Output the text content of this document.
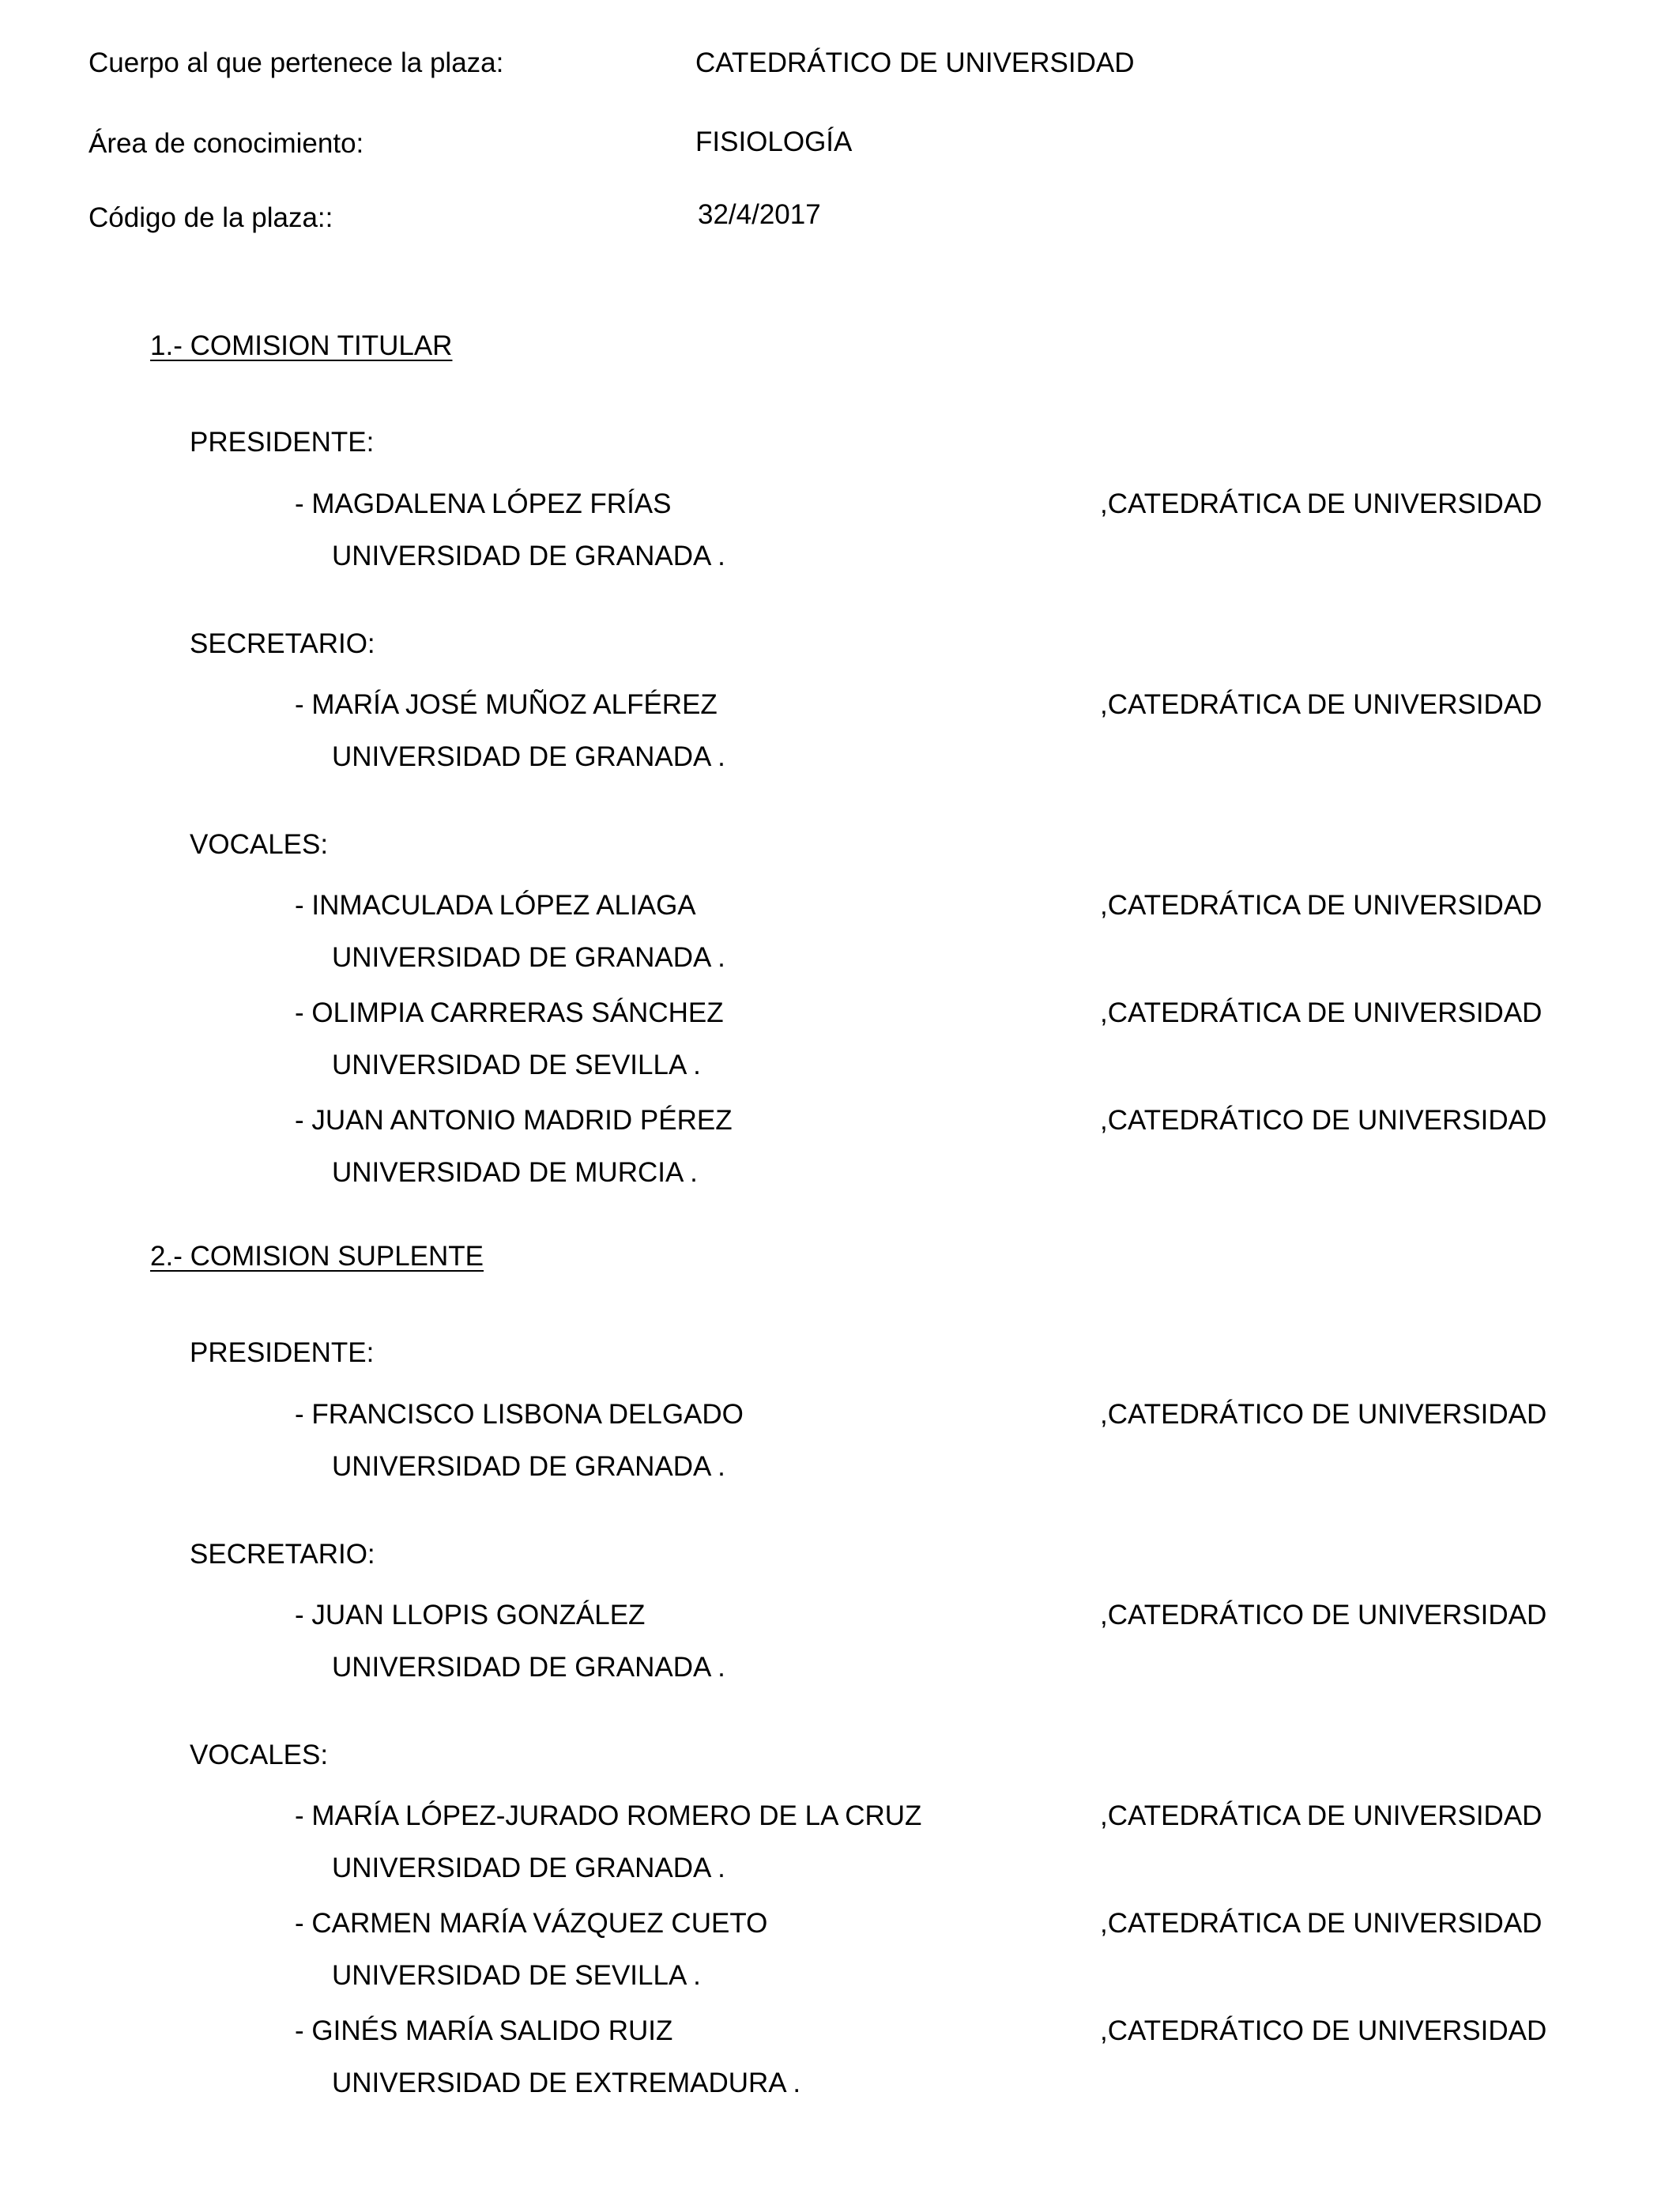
Cuerpo al que pertenece la plaza:	CATEDRÁTICO DE UNIVERSIDAD
Área de conocimiento:	FISIOLOGÍA
Código de la plaza::	32/4/2017
1.- COMISION TITULAR
PRESIDENTE:
- MAGDALENA LÓPEZ FRÍAS	,CATEDRÁTICA DE UNIVERSIDAD
UNIVERSIDAD DE GRANADA .
SECRETARIO:
- MARÍA JOSÉ MUÑOZ ALFÉREZ	,CATEDRÁTICA DE UNIVERSIDAD
UNIVERSIDAD DE GRANADA .
VOCALES:
- INMACULADA LÓPEZ ALIAGA	,CATEDRÁTICA DE UNIVERSIDAD
UNIVERSIDAD DE GRANADA .
- OLIMPIA CARRERAS SÁNCHEZ	,CATEDRÁTICA DE UNIVERSIDAD
UNIVERSIDAD DE SEVILLA .
- JUAN ANTONIO MADRID PÉREZ	,CATEDRÁTICO DE UNIVERSIDAD
UNIVERSIDAD DE MURCIA .
2.- COMISION SUPLENTE
PRESIDENTE:
- FRANCISCO LISBONA DELGADO	,CATEDRÁTICO DE UNIVERSIDAD
UNIVERSIDAD DE GRANADA .
SECRETARIO:
- JUAN LLOPIS GONZÁLEZ	,CATEDRÁTICO DE UNIVERSIDAD
UNIVERSIDAD DE GRANADA .
VOCALES:
- MARÍA LÓPEZ-JURADO ROMERO DE LA CRUZ	,CATEDRÁTICA DE UNIVERSIDAD
UNIVERSIDAD DE GRANADA .
- CARMEN MARÍA VÁZQUEZ CUETO	,CATEDRÁTICA DE UNIVERSIDAD
UNIVERSIDAD DE SEVILLA .
- GINÉS MARÍA SALIDO RUIZ	,CATEDRÁTICO DE UNIVERSIDAD
UNIVERSIDAD DE EXTREMADURA .
